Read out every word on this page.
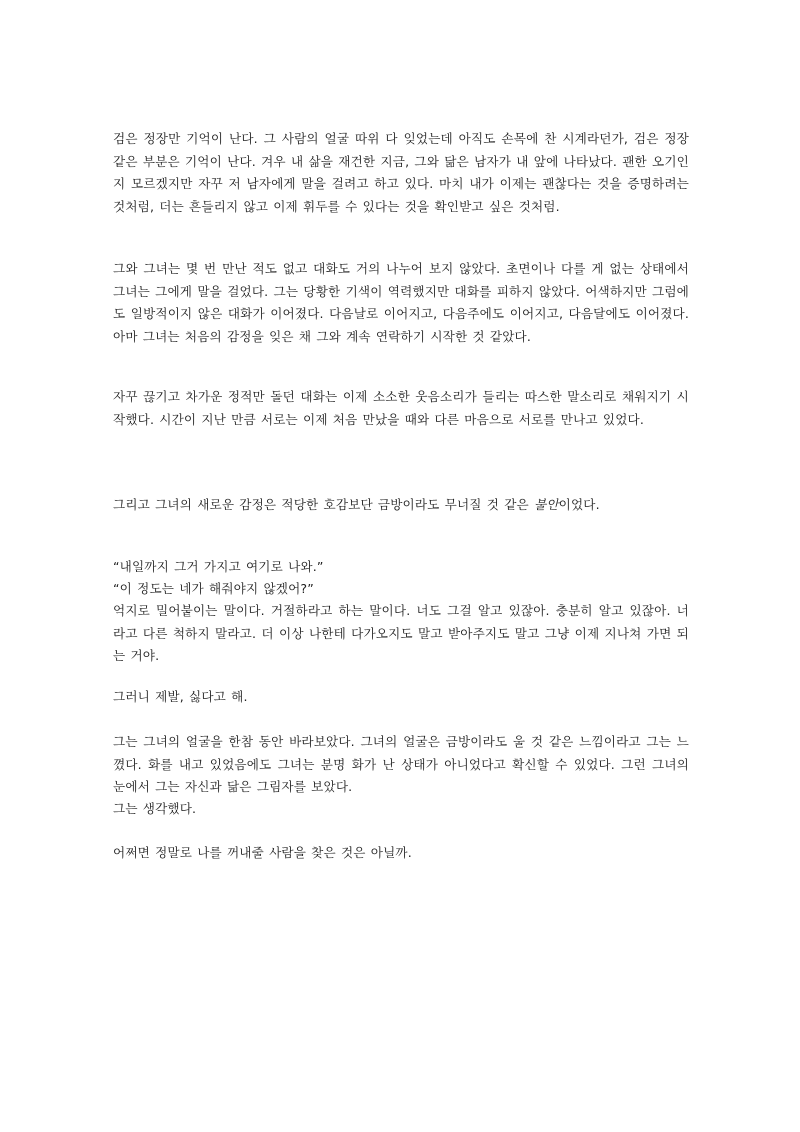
검은 정장만 기억이 난다. 그 사람의 얼굴 따위 다 잊었는데 아직도 손목에 찬 시계라던가, 검은 정장 같은 부분은 기억이 난다. 겨우 내 삶을 재건한 지금, 그와 닮은 남자가 내 앞에 나타났다. 괜한 오기인지 모르겠지만 자꾸 저 남자에게 말을 걸려고 하고 있다. 마치 내가 이제는 괜찮다는 것을 증명하려는 것처럼, 더는 흔들리지 않고 이제 휘두를 수 있다는 것을 확인받고 싶은 것처럼.
그와 그녀는 몇 번 만난 적도 없고 대화도 거의 나누어 보지 않았다. 초면이나 다를 게 없는 상태에서 그녀는 그에게 말을 걸었다. 그는 당황한 기색이 역력했지만 대화를 피하지 않았다. 어색하지만 그럼에도 일방적이지 않은 대화가 이어졌다. 다음날로 이어지고, 다음주에도 이어지고, 다음달에도 이어졌다. 아마 그녀는 처음의 감정을 잊은 채 그와 계속 연락하기 시작한 것 같았다.
자꾸 끊기고 차가운 정적만 돌던 대화는 이제 소소한 웃음소리가 들리는 따스한 말소리로 채워지기 시작했다. 시간이 지난 만큼 서로는 이제 처음 만났을 때와 다른 마음으로 서로를 만나고 있었다.
그리고 그녀의 새로운 감정은 적당한 호감보단 금방이라도 무너질 것 같은 불안이었다.
“내일까지 그거 가지고 여기로 나와.”
“이 정도는 네가 해줘야지 않겠어?”
억지로 밀어붙이는 말이다. 거절하라고 하는 말이다. 너도 그걸 알고 있잖아. 충분히 알고 있잖아. 너라고 다른 척하지 말라고. 더 이상 나한테 다가오지도 말고 받아주지도 말고 그냥 이제 지나쳐 가면 되는 거야.
그러니 제발, 싫다고 해.
그는 그녀의 얼굴을 한참 동안 바라보았다. 그녀의 얼굴은 금방이라도 울 것 같은 느낌이라고 그는 느꼈다. 화를 내고 있었음에도 그녀는 분명 화가 난 상태가 아니었다고 확신할 수 있었다. 그런 그녀의 눈에서 그는 자신과 닮은 그림자를 보았다.
그는 생각했다.
어쩌면 정말로 나를 꺼내줄 사람을 찾은 것은 아닐까.
